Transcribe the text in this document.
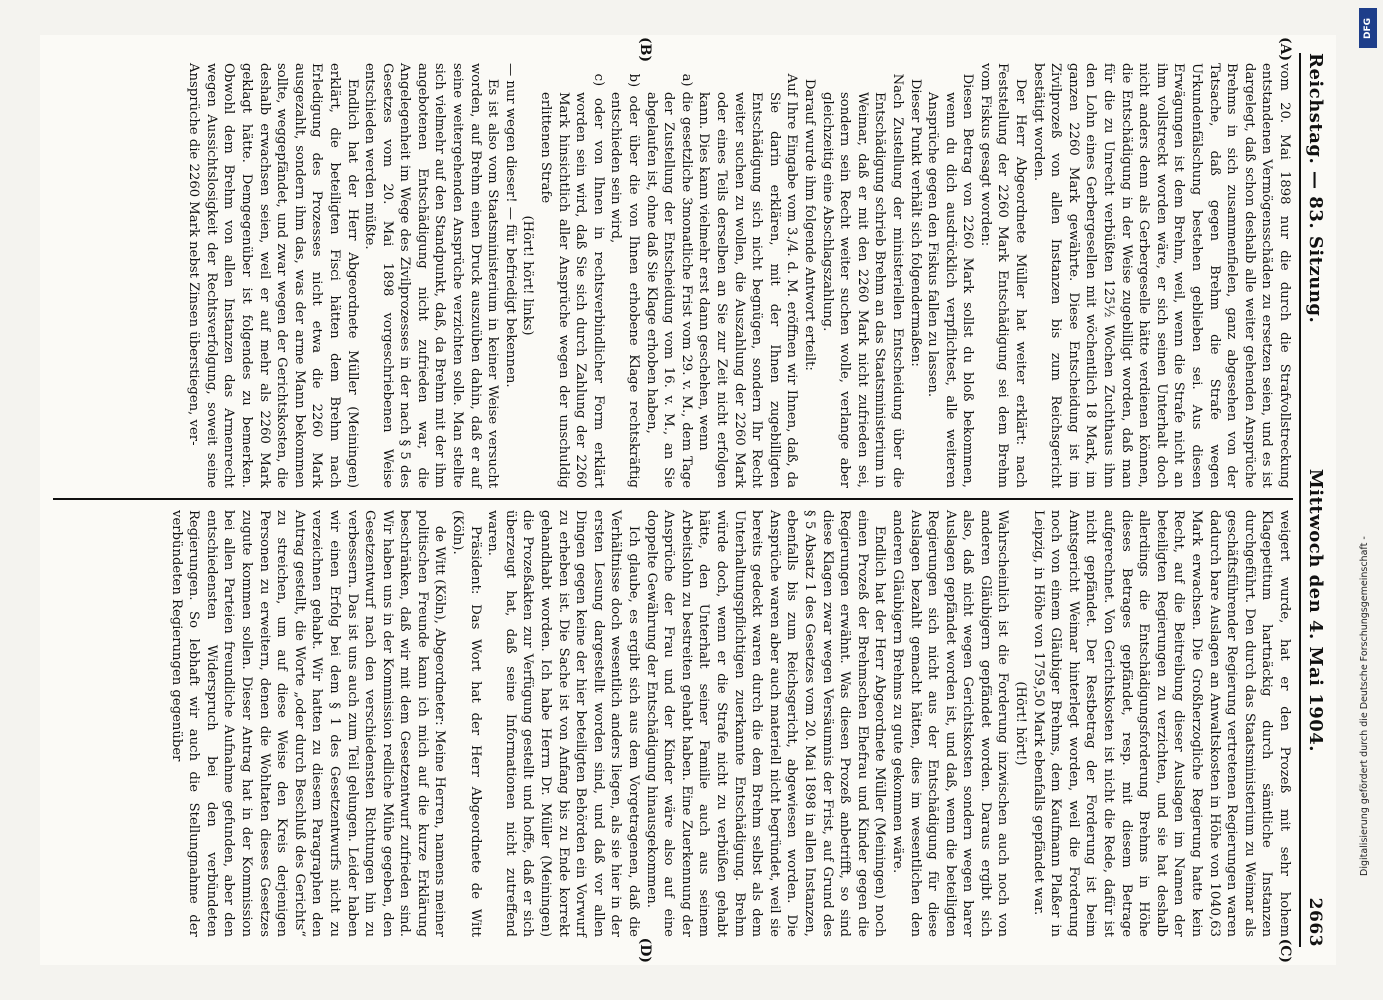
Reichstag. — 83. Sitzung.
Mittwoch den 4. Mai 1904.
2663
(A)
(B)

vom 20. Mai 1898 nur die durch die Strafvollstreckung entstandenen Vermögensschäden zu ersetzen seien, und es ist dargelegt, daß schon deshalb alle weiter gehenden Ansprüche Brehms in sich zusammenfielen, ganz abgesehen von der Tatsache, daß gegen Brehm die Strafe wegen Urkundenfälschung bestehen geblieben sei. Aus diesen Erwägungen ist dem Brehm, weil, wenn die Strafe nicht an ihm vollstreckt worden wäre, er sich seinen Unterhalt doch nicht anders denn als Gerbergeselle hätte verdienen können, die Entschädigung in der Weise zugebilligt worden, daß man für die zu Unrecht verbüßten 125½ Wochen Zuchthaus ihm den Lohn eines Gerbergesellen mit wöchentlich 18 Mark, im ganzen 2260 Mark gewährte. Diese Entscheidung ist im Zivilprozeß von allen Instanzen bis zum Reichsgericht bestätigt worden.

Der Herr Abgeordnete Müller hat weiter erklärt: nach Feststellung der 2260 Mark Entschädigung sei dem Brehm vom Fiskus gesagt worden:

Diesen Betrag von 2260 Mark sollst du bloß bekommen, wenn du dich ausdrücklich verpflichtest, alle weiteren Ansprüche gegen den Fiskus fallen zu lassen.

Dieser Punkt verhält sich folgendermaßen:

Nach Zustellung der ministeriellen Entscheidung über die Entschädigung schrieb Brehm an das Staatsministerium in Weimar, daß er mit den 2260 Mark nicht zufrieden sei, sondern sein Recht weiter suchen wolle, verlange aber gleichzeitig eine Abschlagszahlung.

Darauf wurde ihm folgende Antwort erteilt:

Auf Ihre Eingabe vom 3./4. d. M. eröffnen wir Ihnen, daß, da Sie darin erklären, mit der Ihnen zugebilligten Entschädigung sich nicht begnügen, sondern Ihr Recht weiter suchen zu wollen, die Auszahlung der 2260 Mark oder eines Teils derselben an Sie zur Zeit nicht erfolgen kann. Dies kann vielmehr erst dann geschehen, wenn

a) die gesetzliche 3monatliche Frist vom 29. v. M., dem Tage der Zustellung der Entscheidung vom 16. v. M., an Sie abgelaufen ist, ohne daß Sie Klage erhoben haben,

b) oder über die von Ihnen erhobene Klage rechtskräftig entschieden sein wird,

c) oder von Ihnen in rechtsverbindlicher Form erklärt worden sein wird, daß Sie sich durch Zahlung der 2260 Mark hinsichtlich aller Ansprüche wegen der unschuldig erlittenen Strafe

(Hört! hört! links)

— nur wegen dieser! — für befriedigt bekennen.

Es ist also vom Staatsministerium in keiner Weise versucht worden, auf Brehm einen Druck auszuüben dahin, daß er auf seine weitergehenden Ansprüche verzichten solle. Man stellte sich vielmehr auf den Standpunkt, daß, da Brehm mit der ihm angebotenen Entschädigung nicht zufrieden war, die Angelegenheit im Wege des Zivilprozesses in der nach § 5 des Gesetzes vom 20. Mai 1898 vorgeschriebenen Weise entschieden werden müßte.

Endlich hat der Herr Abgeordnete Müller (Meiningen) erklärt, die beteiligten Fisci hätten dem Brehm nach Erledigung des Prozesses nicht etwa die 2260 Mark ausgezahlt, sondern ihm das, was der arme Mann bekommen sollte, weggepfändet, und zwar wegen der Gerichtskosten, die deshalb erwachsen seien, weil er auf mehr als 2260 Mark geklagt hätte. Demgegenüber ist folgendes zu bemerken. Obwohl dem Brehm von allen Instanzen das Armenrecht wegen Aussichtslosigkeit der Rechtsverfolgung, soweit seine Ansprüche die 2260 Mark nebst Zinsen überstiegen, ver-

(C)
(D)

weigert wurde, hat er den Prozeß mit sehr hohem Klagepetitum hartnäckig durch sämtliche Instanzen durchgeführt. Den durch das Staatsministerium zu Weimar als geschäftsführender Regierung vertretenen Regierungen waren dadurch bare Auslagen an Anwaltskosten in Höhe von 1040,63 Mark erwachsen. Die Großherzogliche Regierung hatte kein Recht, auf die Beitreibung dieser Auslagen im Namen der beteiligten Regierungen zu verzichten, und sie hat deshalb allerdings die Entschädigungsforderung Brehms in Höhe dieses Betrages gepfändet, resp. mit diesem Betrage aufgerechnet. Von Gerichtskosten ist nicht die Rede, dafür ist nicht gepfändet. Der Restbetrag der Forderung ist beim Amtsgericht Weimar hinterlegt worden, weil die Forderung noch von einem Gläubiger Brehms, dem Kaufmann Plaßer in Leipzig, in Höhe von 1759,50 Mark ebenfalls gepfändet war.

(Hört! hört!)

Wahrscheinlich ist die Forderung inzwischen auch noch von anderen Gläubigern gepfändet worden. Daraus ergibt sich also, daß nicht wegen Gerichtskosten sondern wegen barer Auslagen gepfändet worden ist, und daß, wenn die beteiligten Regierungen sich nicht aus der Entschädigung für diese Auslagen bezahlt gemacht hätten, dies im wesentlichen den anderen Gläubigern Brehms zu gute gekommen wäre.

Endlich hat der Herr Abgeordnete Müller (Meiningen) noch einen Prozeß der Brehmschen Ehefrau und Kinder gegen die Regierungen erwähnt. Was diesen Prozeß anbetrifft, so sind diese Klagen zwar wegen Versäumnis der Frist, auf Grund des § 5 Absatz 1 des Gesetzes vom 20. Mai 1898 in allen Instanzen, ebenfalls bis zum Reichsgericht, abgewiesen worden. Die Ansprüche waren aber auch materiell nicht begründet, weil sie bereits gedeckt waren durch die dem Brehm selbst als dem Unterhaltungspflichtigen zuerkannte Entschädigung. Brehm würde doch, wenn er die Strafe nicht zu verbüßen gehabt hätte, den Unterhalt seiner Familie auch aus seinem Arbeitslohn zu bestreiten gehabt haben. Eine Zuerkennung der Ansprüche der Frau und der Kinder wäre also auf eine doppelte Gewährung der Entschädigung hinausgekommen.

Ich glaube, es ergibt sich aus dem Vorgetragenen, daß die Verhältnisse doch wesentlich anders liegen, als sie hier in der ersten Lesung dargestellt worden sind, und daß vor allen Dingen gegen keine der hier beteiligten Behörden ein Vorwurf zu erheben ist. Die Sache ist von Anfang bis zu Ende korrekt gehandhabt worden. Ich habe Herrn Dr. Müller (Meiningen) die Prozeßakten zur Verfügung gestellt und hoffe, daß er sich überzeugt hat, daß seine Informationen nicht zutreffend waren.

Präsident: Das Wort hat der Herr Abgeordnete de Witt (Köln).

de Witt (Köln), Abgeordneter: Meine Herren, namens meiner politischen Freunde kann ich mich auf die kurze Erklärung beschränken, daß wir mit dem Gesetzentwurf zufrieden sind. Wir haben uns in der Kommission redliche Mühe gegeben, den Gesetzentwurf nach den verschiedensten Richtungen hin zu verbessern. Das ist uns auch zum Teil gelungen. Leider haben wir einen Erfolg bei dem § 1 des Gesetzentwurfs nicht zu verzeichnen gehabt. Wir hatten zu diesem Paragraphen den Antrag gestellt, die Worte „oder durch Beschluß des Gerichts“ zu streichen, um auf diese Weise den Kreis derjenigen Personen zu erweitern, denen die Wohltaten dieses Gesetzes zugute kommen sollen. Dieser Antrag hat in der Kommission bei allen Parteien freundliche Aufnahme gefunden, aber den entschiedensten Widerspruch bei den verbündeten Regierungen. So lebhaft wir auch die Stellungnahme der verbündeten Regierungen gegenüber

DFG
Digitalisierung gefördert durch die Deutsche Forschungsgemeinschaft -
